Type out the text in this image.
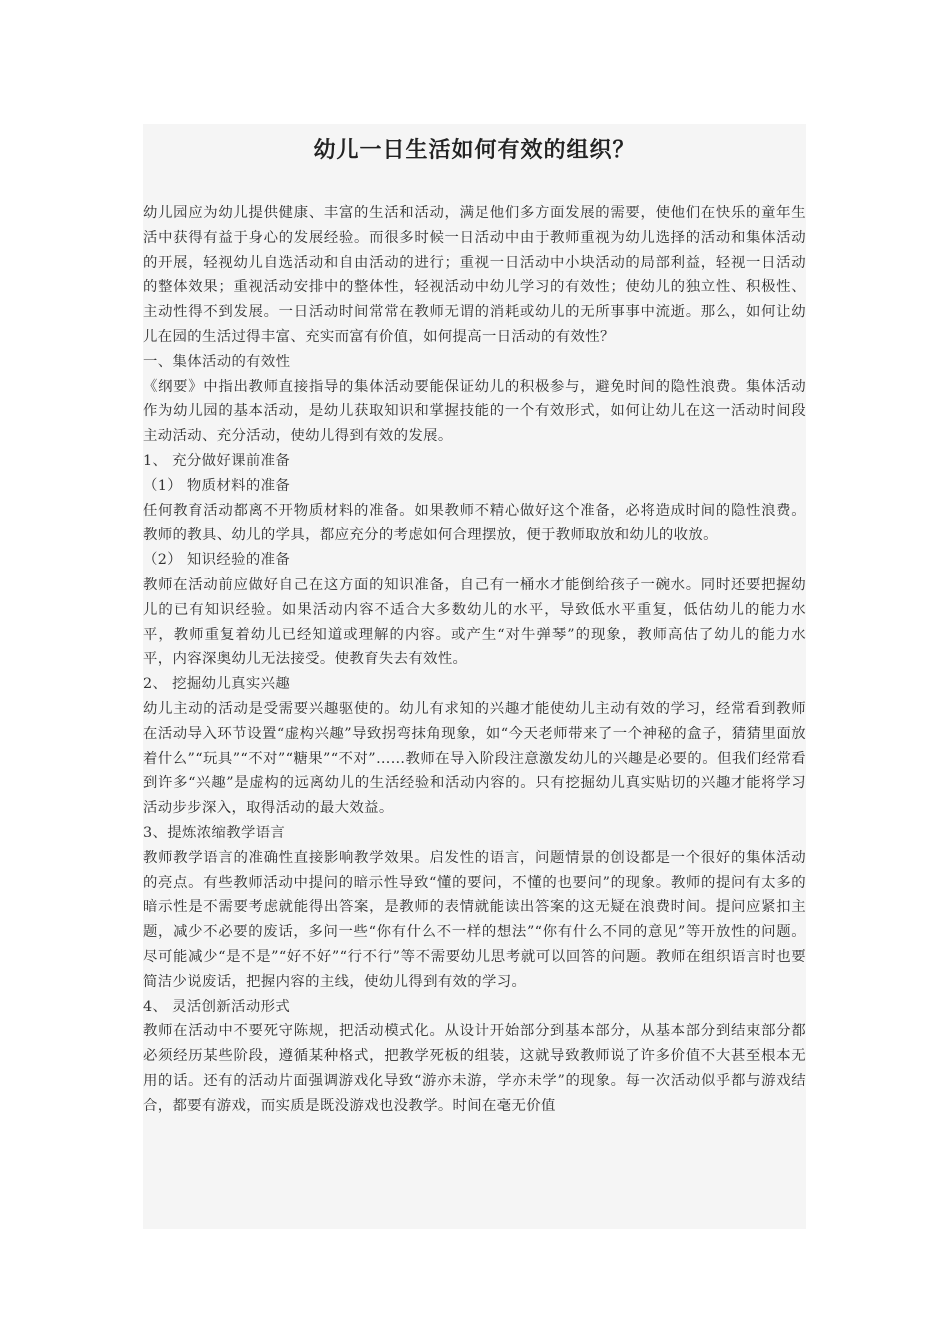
幼儿一日生活如何有效的组织？

幼儿园应为幼儿提供健康、丰富的生活和活动，满足他们多方面发展的需要，使他们在快乐的童年生活中获得有益于身心的发展经验。而很多时候一日活动中由于教师重视为幼儿选择的活动和集体活动的开展，轻视幼儿自选活动和自由活动的进行；重视一日活动中小块活动的局部利益，轻视一日活动的整体效果；重视活动安排中的整体性，轻视活动中幼儿学习的有效性；使幼儿的独立性、积极性、主动性得不到发展。一日活动时间常常在教师无谓的消耗或幼儿的无所事事中流逝。那么，如何让幼儿在园的生活过得丰富、充实而富有价值，如何提高一日活动的有效性？

一、集体活动的有效性

《纲要》中指出教师直接指导的集体活动要能保证幼儿的积极参与，避免时间的隐性浪费。集体活动作为幼儿园的基本活动，是幼儿获取知识和掌握技能的一个有效形式，如何让幼儿在这一活动时间段主动活动、充分活动，使幼儿得到有效的发展。

1、 充分做好课前准备

（1） 物质材料的准备

任何教育活动都离不开物质材料的准备。如果教师不精心做好这个准备，必将造成时间的隐性浪费。教师的教具、幼儿的学具，都应充分的考虑如何合理摆放，便于教师取放和幼儿的收放。

（2） 知识经验的准备

教师在活动前应做好自己在这方面的知识准备，自己有一桶水才能倒给孩子一碗水。同时还要把握幼儿的已有知识经验。如果活动内容不适合大多数幼儿的水平，导致低水平重复，低估幼儿的能力水平，教师重复着幼儿已经知道或理解的内容。或产生“对牛弹琴”的现象，教师高估了幼儿的能力水平，内容深奥幼儿无法接受。使教育失去有效性。

2、 挖掘幼儿真实兴趣

幼儿主动的活动是受需要兴趣驱使的。幼儿有求知的兴趣才能使幼儿主动有效的学习，经常看到教师在活动导入环节设置“虚构兴趣”导致拐弯抹角现象，如“今天老师带来了一个神秘的盒子，猜猜里面放着什么”“玩具”“不对”“糖果”“不对”……教师在导入阶段注意激发幼儿的兴趣是必要的。但我们经常看到许多“兴趣”是虚构的远离幼儿的生活经验和活动内容的。只有挖掘幼儿真实贴切的兴趣才能将学习活动步步深入，取得活动的最大效益。

3、提炼浓缩教学语言

教师教学语言的准确性直接影响教学效果。启发性的语言，问题情景的创设都是一个很好的集体活动的亮点。有些教师活动中提问的暗示性导致“懂的要问，不懂的也要问”的现象。教师的提问有太多的暗示性是不需要考虑就能得出答案，是教师的表情就能读出答案的这无疑在浪费时间。提问应紧扣主题，减少不必要的废话，多问一些“你有什么不一样的想法”“你有什么不同的意见”等开放性的问题。尽可能减少“是不是”“好不好”“行不行”等不需要幼儿思考就可以回答的问题。教师在组织语言时也要简洁少说废话，把握内容的主线，使幼儿得到有效的学习。

4、 灵活创新活动形式

教师在活动中不要死守陈规，把活动模式化。从设计开始部分到基本部分，从基本部分到结束部分都必须经历某些阶段，遵循某种格式，把教学死板的组装，这就导致教师说了许多价值不大甚至根本无用的话。还有的活动片面强调游戏化导致“游亦未游，学亦未学”的现象。每一次活动似乎都与游戏结合，都要有游戏，而实质是既没游戏也没教学。时间在毫无价值
